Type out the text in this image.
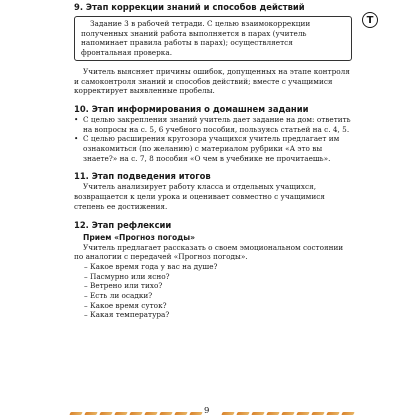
T
9. Этап коррекции знаний и способов действий

Задание 3 в рабочей тетради. С целью взаимокоррекции полученных знаний работа выполняется в парах (учитель напоминает правила работы в парах); осуществляется фронтальная проверка.

Учитель выясняет причины ошибок, допущенных на этапе контроля и самоконтроля знаний и способов действий; вместе с учащимися корректирует выявленные пробелы.

10. Этап информирования о домашнем задании
• С целью закрепления знаний учитель дает задание на дом: ответить на вопросы на с. 5, 6 учебного пособия, пользуясь статьей на с. 4, 5.
• С целью расширения кругозора учащихся учитель предлагает им ознакомиться (по желанию) с материалом рубрики «А это вы знаете?» на с. 7, 8 пособия «О чем в учебнике не прочитаешь».
11. Этап подведения итогов

Учитель анализирует работу класса и отдельных учащихся, возвращается к цели урока и оценивает совместно с учащимися степень ее достижения.

12. Этап рефлексии
Прием «Прогноз погоды»

Учитель предлагает рассказать о своем эмоциональном состоянии по аналогии с передачей «Прогноз погоды».

– Какое время года у вас на душе?
– Пасмурно или ясно?
– Ветрено или тихо?
– Есть ли осадки?
– Какое время суток?
– Какая температура?
9
